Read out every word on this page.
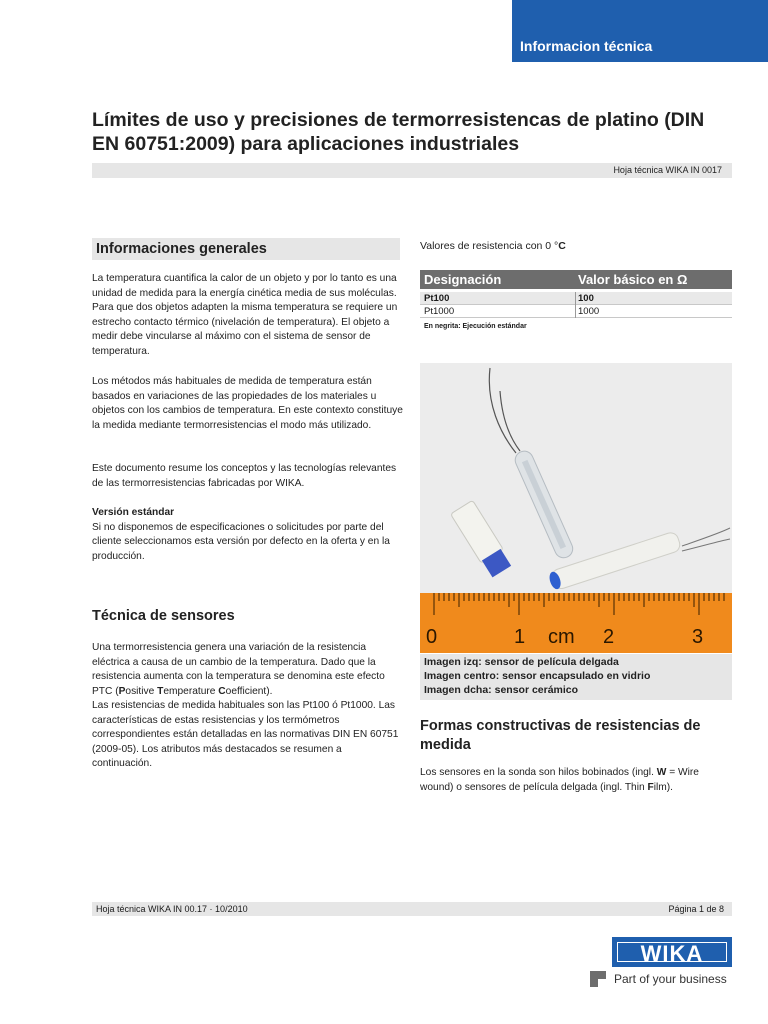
Informacion técnica
Límites de uso y precisiones de termorresistencas de platino (DIN EN 60751:2009) para aplicaciones industriales
Hoja técnica WIKA IN 0017
Informaciones generales

La temperatura cuantifica la calor de un objeto y por lo tanto es una unidad de medida para la energía cinética media de sus moléculas. Para que dos objetos adapten la misma temperatura se requiere un estrecho contacto térmico (nivelación de temperatura). El objeto a medir debe vincularse al máximo con el sistema de sensor de temperatura.

Los métodos más habituales de medida de temperatura están basados en variaciones de las propiedades de los materiales u objetos con los cambios de temperatura. En este contexto constituye la medida mediante termorresistencias el modo más utilizado.

Este documento resume los conceptos y las tecnologías relevantes de las termorresistencias fabricadas por WIKA.

Versión estándar
Si no disponemos de especificaciones o solicitudes por parte del cliente seleccionamos esta versión por defecto en la oferta y en la producción.
Técnica de sensores
Una termorresistencia genera una variación de la resistencia eléctrica a causa de un cambio de la temperatura. Dado que la resistencia aumenta con la temperatura se denomina este efecto PTC (Positive Temperature Coefficient).
Las resistencias de medida habituales son las Pt100 ó Pt1000. Las características de estas resistencias y los termómetros correspondientes están detalladas en las normativas DIN EN 60751 (2009-05). Los atributos más destacados se resumen a continuación.
Valores de resistencia con 0 °C
Designación	Valor básico en Ω
Pt100	100
Pt1000	1000
En negrita: Ejecución estándar
0	1 cm 2	3
Imagen izq: sensor de película delgada
Imagen centro: sensor encapsulado en vidrio
Imagen dcha: sensor cerámico
Formas constructivas de resistencias de medida

Los sensores en la sonda son hilos bobinados (ingl. W = Wire wound) o sensores de película delgada (ingl. Thin Film).

Hoja técnica WIKA IN 00.17 · 10/2010	Página 1 de 8
WIKA
Part of your business
